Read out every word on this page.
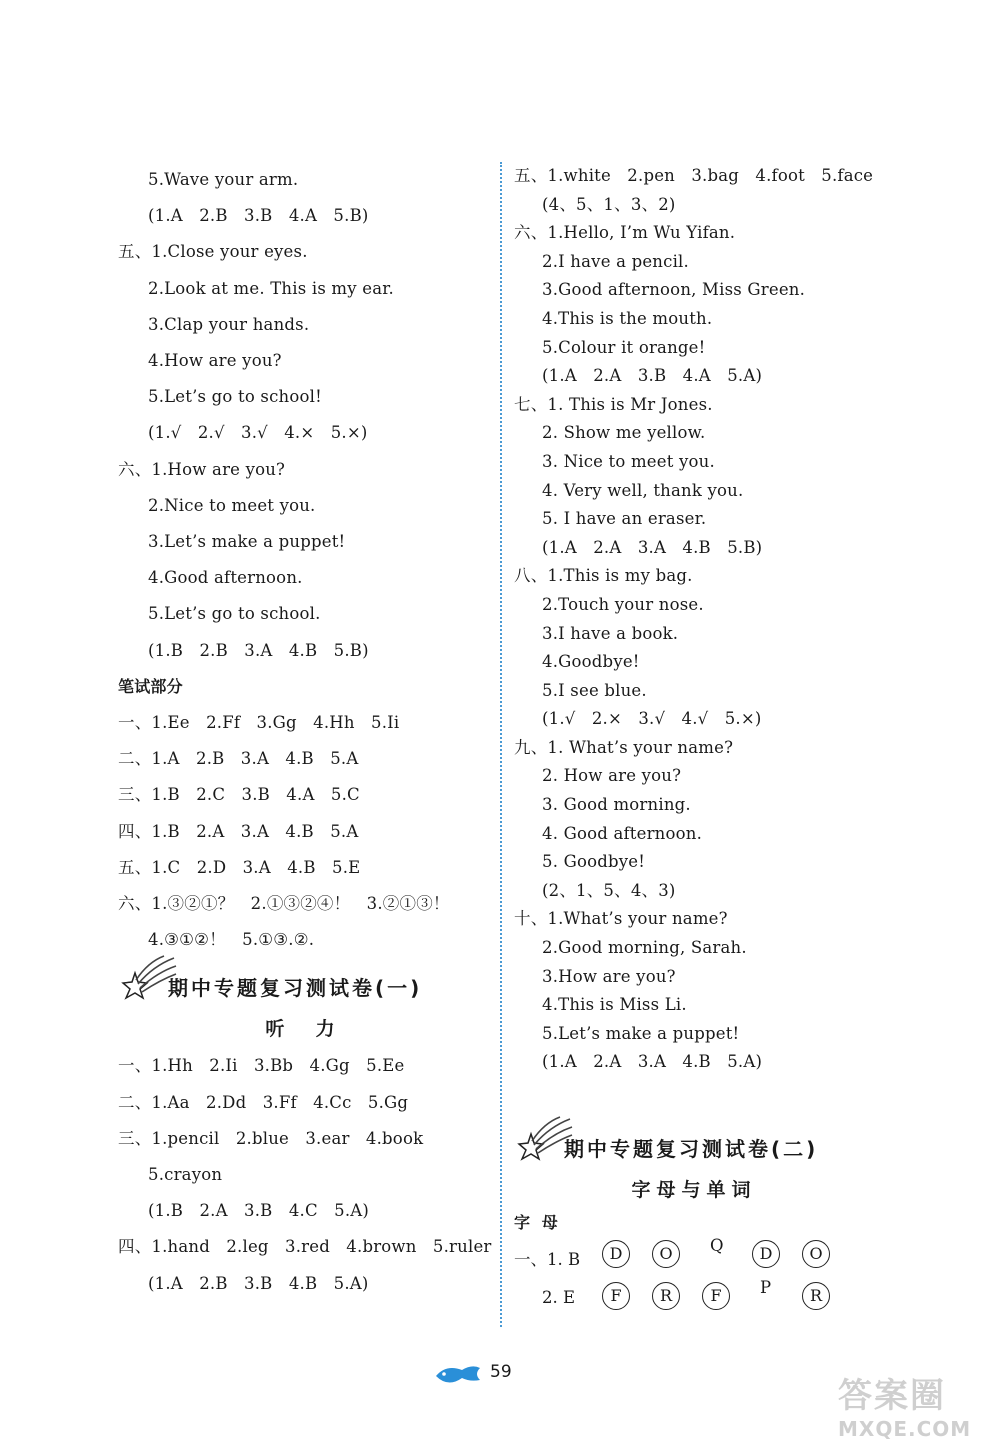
5.Wave your arm.
(1.A   2.B   3.B   4.A   5.B)
五、1.Close your eyes.
2.Look at me. This is my ear.
3.Clap your hands.
4.How are you?
5.Let’s go to school!
(1.√   2.√   3.√   4.×   5.×)
六、1.How are you?
2.Nice to meet you.
3.Let’s make a puppet!
4.Good afternoon.
5.Let’s go to school.
(1.B   2.B   3.A   4.B   5.B)
笔试部分
一、1.Ee   2.Ff   3.Gg   4.Hh   5.Ii
二、1.A   2.B   3.A   4.B   5.A
三、1.B   2.C   3.B   4.A   5.C
四、1.B   2.A   3.A   4.B   5.A
五、1.C   2.D   3.A   4.B   5.E
六、1.③②①？   2.①③②④！   3.②①③！
4.③①②！   5.①③.②.
期中专题复习测试卷(一)
听  力
一、1.Hh   2.Ii   3.Bb   4.Gg   5.Ee
二、1.Aa   2.Dd   3.Ff   4.Cc   5.Gg
三、1.pencil   2.blue   3.ear   4.book
5.crayon
(1.B   2.A   3.B   4.C   5.A)
四、1.hand   2.leg   3.red   4.brown   5.ruler
(1.A   2.B   3.B   4.B   5.A)
五、1.white   2.pen   3.bag   4.foot   5.face
(4、5、1、3、2)
六、1.Hello, I’m Wu Yifan.
2.I have a pencil.
3.Good afternoon, Miss Green.
4.This is the mouth.
5.Colour it orange!
(1.A   2.A   3.B   4.A   5.A)
七、1. This is Mr Jones.
2. Show me yellow.
3. Nice to meet you.
4. Very well, thank you.
5. I have an eraser.
(1.A   2.A   3.A   4.B   5.B)
八、1.This is my bag.
2.Touch your nose.
3.I have a book.
4.Goodbye!
5.I see blue.
(1.√   2.×   3.√   4.√   5.×)
九、1. What’s your name?
2. How are you?
3. Good morning.
4. Good afternoon.
5. Goodbye!
(2、1、5、4、3)
十、1.What’s your name?
2.Good morning, Sarah.
3.How are you?
4.This is Miss Li.
5.Let’s make a puppet!
(1.A   2.A   3.A   4.B   5.A)
期中专题复习测试卷(二)
字母与单词
字  母
一、1. B	D	O	Q	D	O
2. E	F	R	F	P	R
59
答案圈
MXQE.COM
